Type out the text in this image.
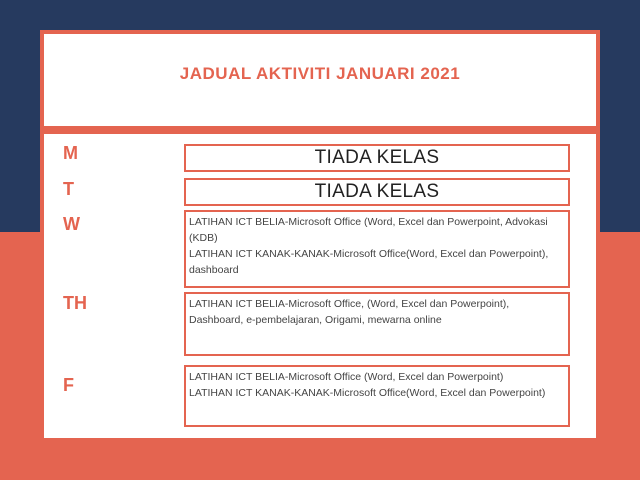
JADUAL AKTIVITI JANUARI 2021
M	TIADA KELAS
T	TIADA KELAS
W	LATIHAN ICT BELIA-Microsoft Office (Word, Excel dan Powerpoint, Advokasi (KDB)
LATIHAN ICT KANAK-KANAK-Microsoft Office(Word, Excel dan Powerpoint), dashboard
TH	LATIHAN ICT BELIA-Microsoft Office, (Word, Excel dan Powerpoint), Dashboard, e-pembelajaran, Origami, mewarna online
F	LATIHAN ICT BELIA-Microsoft Office (Word, Excel dan Powerpoint)
LATIHAN ICT KANAK-KANAK-Microsoft Office(Word, Excel dan Powerpoint)
